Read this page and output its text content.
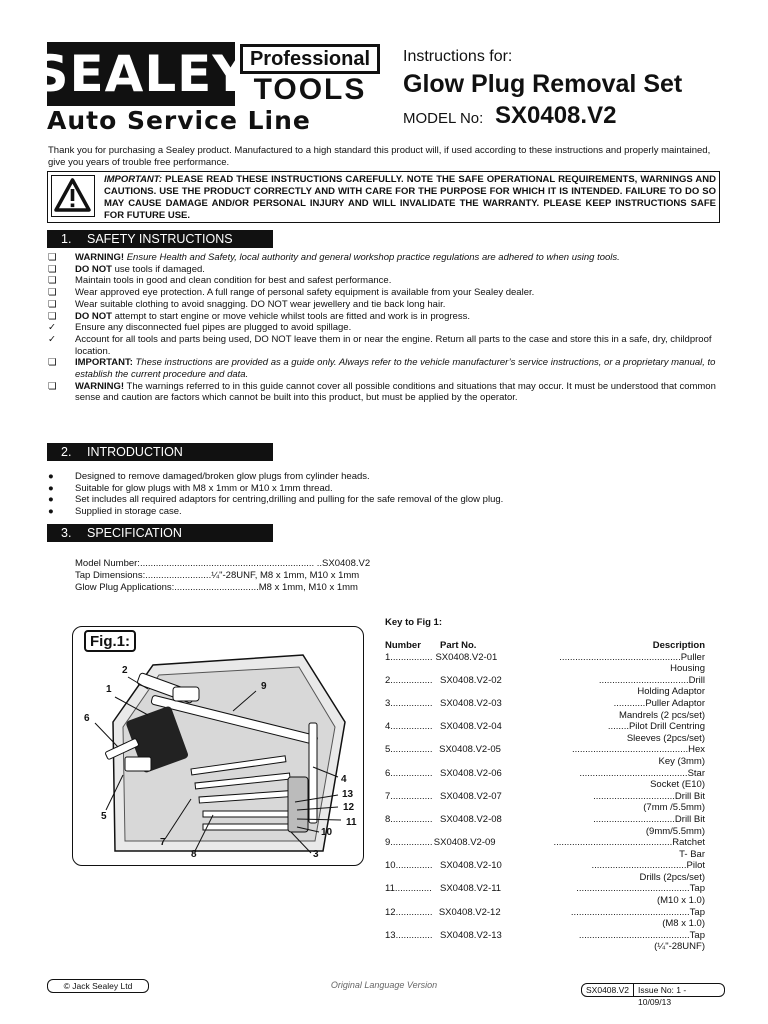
SEALEY Professional
TOOLS
Auto Service Line
Instructions for:
Glow Plug Removal Set
MODEL No: SX0408.V2
Thank you for purchasing a Sealey product. Manufactured to a high standard this product will, if used according to these instructions and properly maintained, give you years of trouble free performance.
IMPORTANT: PLEASE READ THESE INSTRUCTIONS CAREFULLY. NOTE THE SAFE OPERATIONAL REQUIREMENTS, WARNINGS AND CAUTIONS. USE THE PRODUCT CORRECTLY AND WITH CARE FOR THE PURPOSE FOR WHICH IT IS INTENDED. FAILURE TO DO SO MAY CAUSE DAMAGE AND/OR PERSONAL INJURY AND WILL INVALIDATE THE WARRANTY. PLEASE KEEP INSTRUCTIONS SAFE FOR FUTURE USE.
1. SAFETY INSTRUCTIONS
❏	WARNING! Ensure Health and Safety, local authority and general workshop practice regulations are adhered to when using tools.
❏	DO NOT use tools if damaged.
❏	Maintain tools in good and clean condition for best and safest performance.
❏	Wear approved eye protection. A full range of personal safety equipment is available from your Sealey dealer.
❏	Wear suitable clothing to avoid snagging. DO NOT wear jewellery and tie back long hair.
❏	DO NOT attempt to start engine or move vehicle whilst tools are fitted and work is in progress.
✓	Ensure any disconnected fuel pipes are plugged to avoid spillage.
✓	Account for all tools and parts being used, DO NOT leave them in or near the engine. Return all parts to the case and store this in a safe, dry, childproof location.
❏	IMPORTANT: These instructions are provided as a guide only. Always refer to the vehicle manufacturer’s service instructions, or a proprietary manual, to establish the current procedure and data.
❏	WARNING! The warnings referred to in this guide cannot cover all possible conditions and situations that may occur. It must be understood that common sense and caution are factors which cannot be built into this product, but must be applied by the operator.
2. INTRODUCTION
●	Designed to remove damaged/broken glow plugs from cylinder heads.
●	Suitable for glow plugs with M8 x 1mm or M10 x 1mm thread.
●	Set includes all required adaptors for centring,drilling and pulling for the safe removal of the glow plug.
●	Supplied in storage case.
3. SPECIFICATION
Model Number:.................................................................. ..SX0408.V2
Tap Dimensions:.........................¼"-28UNF, M8 x 1mm, M10 x 1mm
Glow Plug Applications:................................M8 x 1mm, M10 x 1mm
Fig.1:
1
2
3
4
5
6
7
8
9
10
11
12
13
Key to Fig 1:
Number	Part No.	Description
1................ SX0408.V2-01	..............................................Puller Housing
2................ SX0408.V2-02	..................................Drill Holding Adaptor
3................ SX0408.V2-03	............Puller Adaptor Mandrels (2 pcs/set)
4................ SX0408.V2-04	........Pilot Drill Centring Sleeves (2pcs/set)
5................ SX0408.V2-05	............................................Hex Key (3mm)
6................ SX0408.V2-06	.........................................Star Socket (E10)
7................ SX0408.V2-07	...............................Drill Bit (7mm /5.5mm)
8................ SX0408.V2-08	...............................Drill Bit (9mm/5.5mm)
9................ SX0408.V2-09	.............................................Ratchet T- Bar
10.............. SX0408.V2-10	....................................Pilot Drills (2pcs/set)
11.............. SX0408.V2-11	...........................................Tap (M10 x 1.0)
12.............. SX0408.V2-12	.............................................Tap (M8 x 1.0)
13.............. SX0408.V2-13	..........................................Tap (¼"-28UNF)
© Jack Sealey Ltd	Original Language Version	SX0408.V2	Issue No: 1 - 10/09/13
